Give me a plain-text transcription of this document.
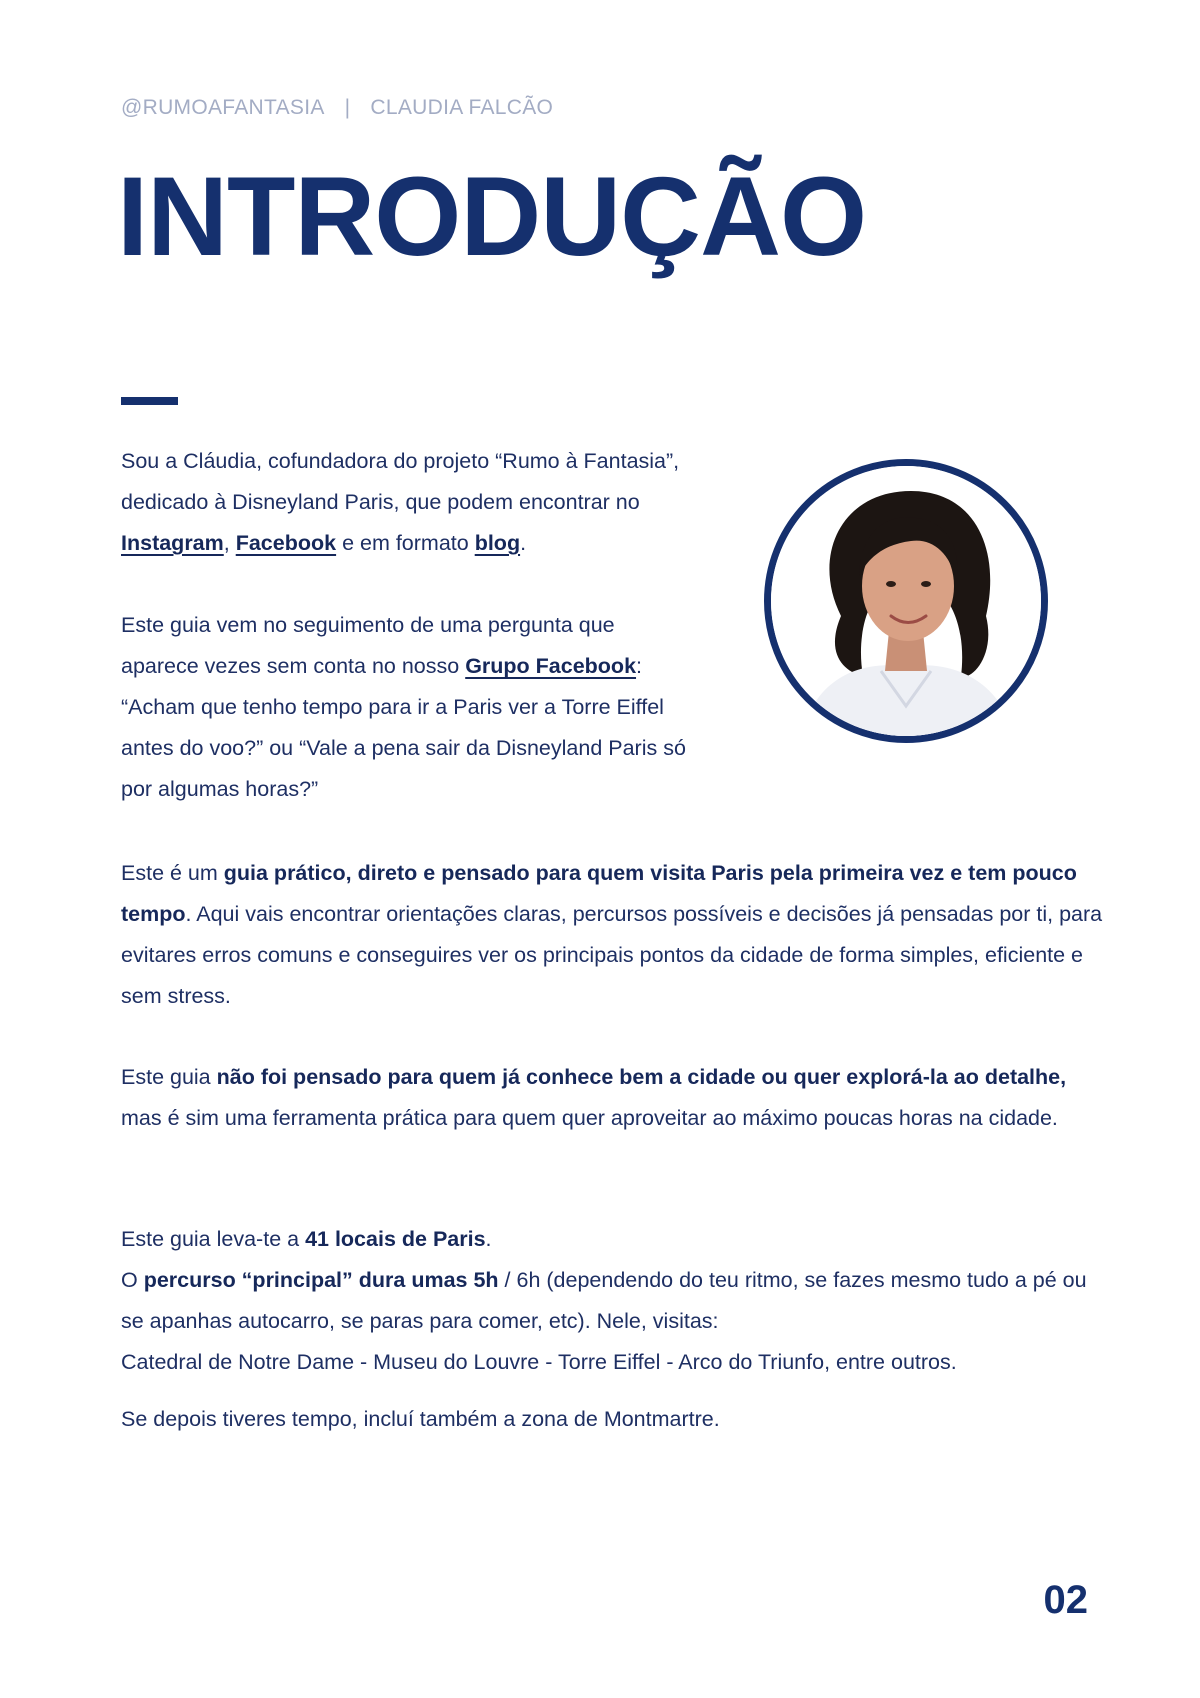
@RUMOAFANTASIA | CLAUDIA FALCÃO
INTRODUÇÃO

Sou a Cláudia, cofundadora do projeto “Rumo à Fantasia”,

dedicado à Disneyland Paris, que podem encontrar no

Instagram, Facebook e em formato blog.

Este guia vem no seguimento de uma pergunta que

aparece vezes sem conta no nosso Grupo Facebook:

“Acham que tenho tempo para ir a Paris ver a Torre Eiffel

antes do voo?” ou “Vale a pena sair da Disneyland Paris só

por algumas horas?”

Este é um guia prático, direto e pensado para quem visita Paris pela primeira vez e tem pouco tempo. Aqui vais encontrar orientações claras, percursos possíveis e decisões já pensadas por ti, para evitares erros comuns e conseguires ver os principais pontos da cidade de forma simples, eficiente e sem stress.

Este guia não foi pensado para quem já conhece bem a cidade ou quer explorá-la ao detalhe, mas é sim uma ferramenta prática para quem quer aproveitar ao máximo poucas horas na cidade.

Este guia leva-te a 41 locais de Paris.

O percurso “principal” dura umas 5h / 6h (dependendo do teu ritmo, se fazes mesmo tudo a pé ou se apanhas autocarro, se paras para comer, etc). Nele, visitas:

Catedral de Notre Dame - Museu do Louvre - Torre Eiffel - Arco do Triunfo, entre outros.

Se depois tiveres tempo, incluí também a zona de Montmartre.

02
